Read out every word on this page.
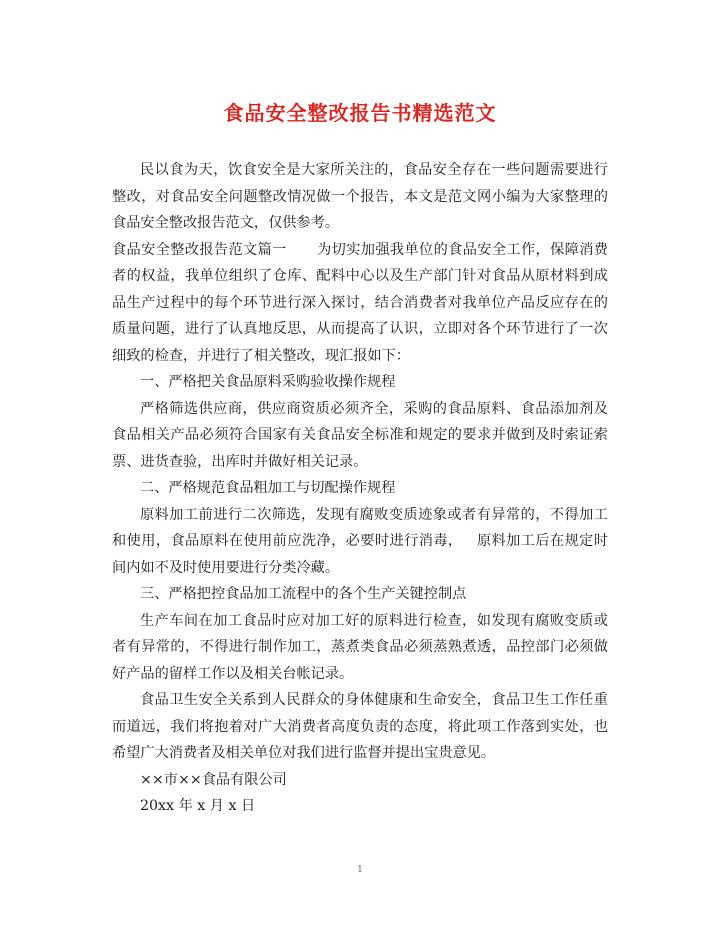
食品安全整改报告书精选范文

民以食为天，饮食安全是大家所关注的，食品安全存在一些问题需要进行整改，对食品安全问题整改情况做一个报告，本文是范文网小编为大家整理的食品安全整改报告范文，仅供参考。

食品安全整改报告范文篇一 为切实加强我单位的食品安全工作，保障消费者的权益，我单位组织了仓库、配料中心以及生产部门针对食品从原材料到成品生产过程中的每个环节进行深入探讨，结合消费者对我单位产品反应存在的质量问题，进行了认真地反思，从而提高了认识，立即对各个环节进行了一次细致的检查，并进行了相关整改，现汇报如下：

一、严格把关食品原料采购验收操作规程

严格筛选供应商，供应商资质必须齐全，采购的食品原料、食品添加剂及食品相关产品必须符合国家有关食品安全标准和规定的要求并做到及时索证索票、进货查验，出库时并做好相关记录。

二、严格规范食品粗加工与切配操作规程

原料加工前进行二次筛选，发现有腐败变质迹象或者有异常的，不得加工和使用，食品原料在使用前应洗净，必要时进行消毒， 原料加工后在规定时间内如不及时使用要进行分类冷藏。

三、严格把控食品加工流程中的各个生产关键控制点

生产车间在加工食品时应对加工好的原料进行检查，如发现有腐败变质或者有异常的，不得进行制作加工，蒸煮类食品必须蒸熟煮透，品控部门必须做好产品的留样工作以及相关台帐记录。

食品卫生安全关系到人民群众的身体健康和生命安全，食品卫生工作任重而道远，我们将抱着对广大消费者高度负责的态度，将此项工作落到实处，也希望广大消费者及相关单位对我们进行监督并提出宝贵意见。

××市××食品有限公司

20xx 年 x 月 x 日

1
